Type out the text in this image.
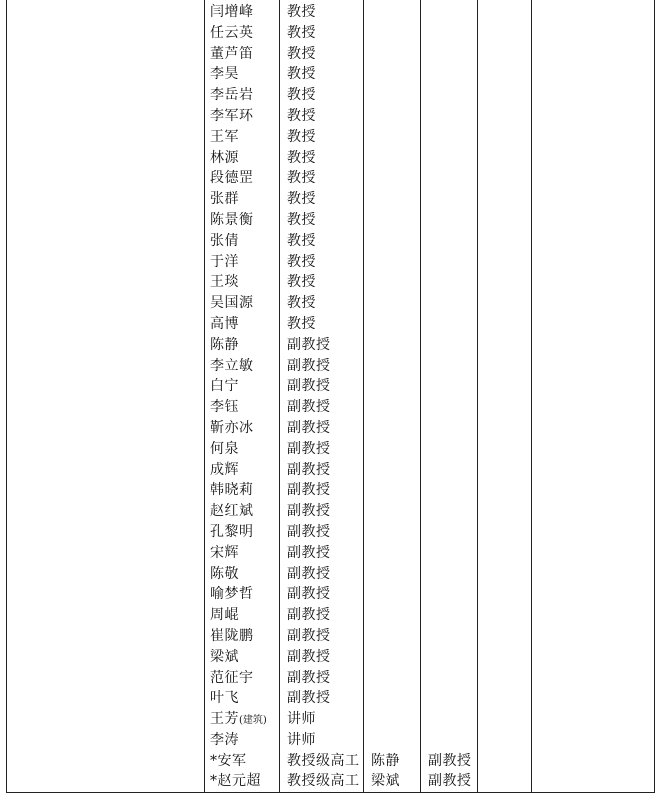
闫增峰 教授
任云英 教授
董芦笛 教授
李昊	教授
李岳岩 教授
李军环 教授
王军	教授
林源	教授
段德罡 教授
张群	教授
陈景衡 教授
张倩	教授
于洋	教授
王琰	教授
吴国源 教授
高博	教授
陈静	副教授
李立敏 副教授
白宁	副教授
李钰	副教授
靳亦冰 副教授
何泉	副教授
成辉	副教授
韩晓莉 副教授
赵红斌 副教授
孔黎明 副教授
宋辉	副教授
陈敬	副教授
喻梦哲 副教授
周崐	副教授
崔陇鹏 副教授
梁斌	副教授
范征宇 副教授
叶飞	副教授
王芳(建筑) 讲师
李涛	讲师
*安军	教授级高工 陈静 副教授
*赵元超 教授级高工 梁斌 副教授
